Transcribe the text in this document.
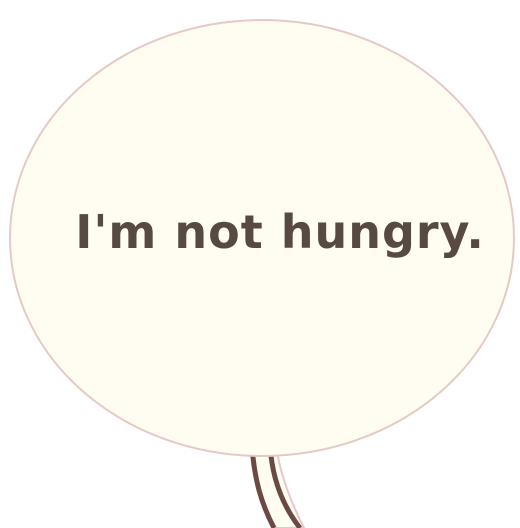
I'm not hungry.
